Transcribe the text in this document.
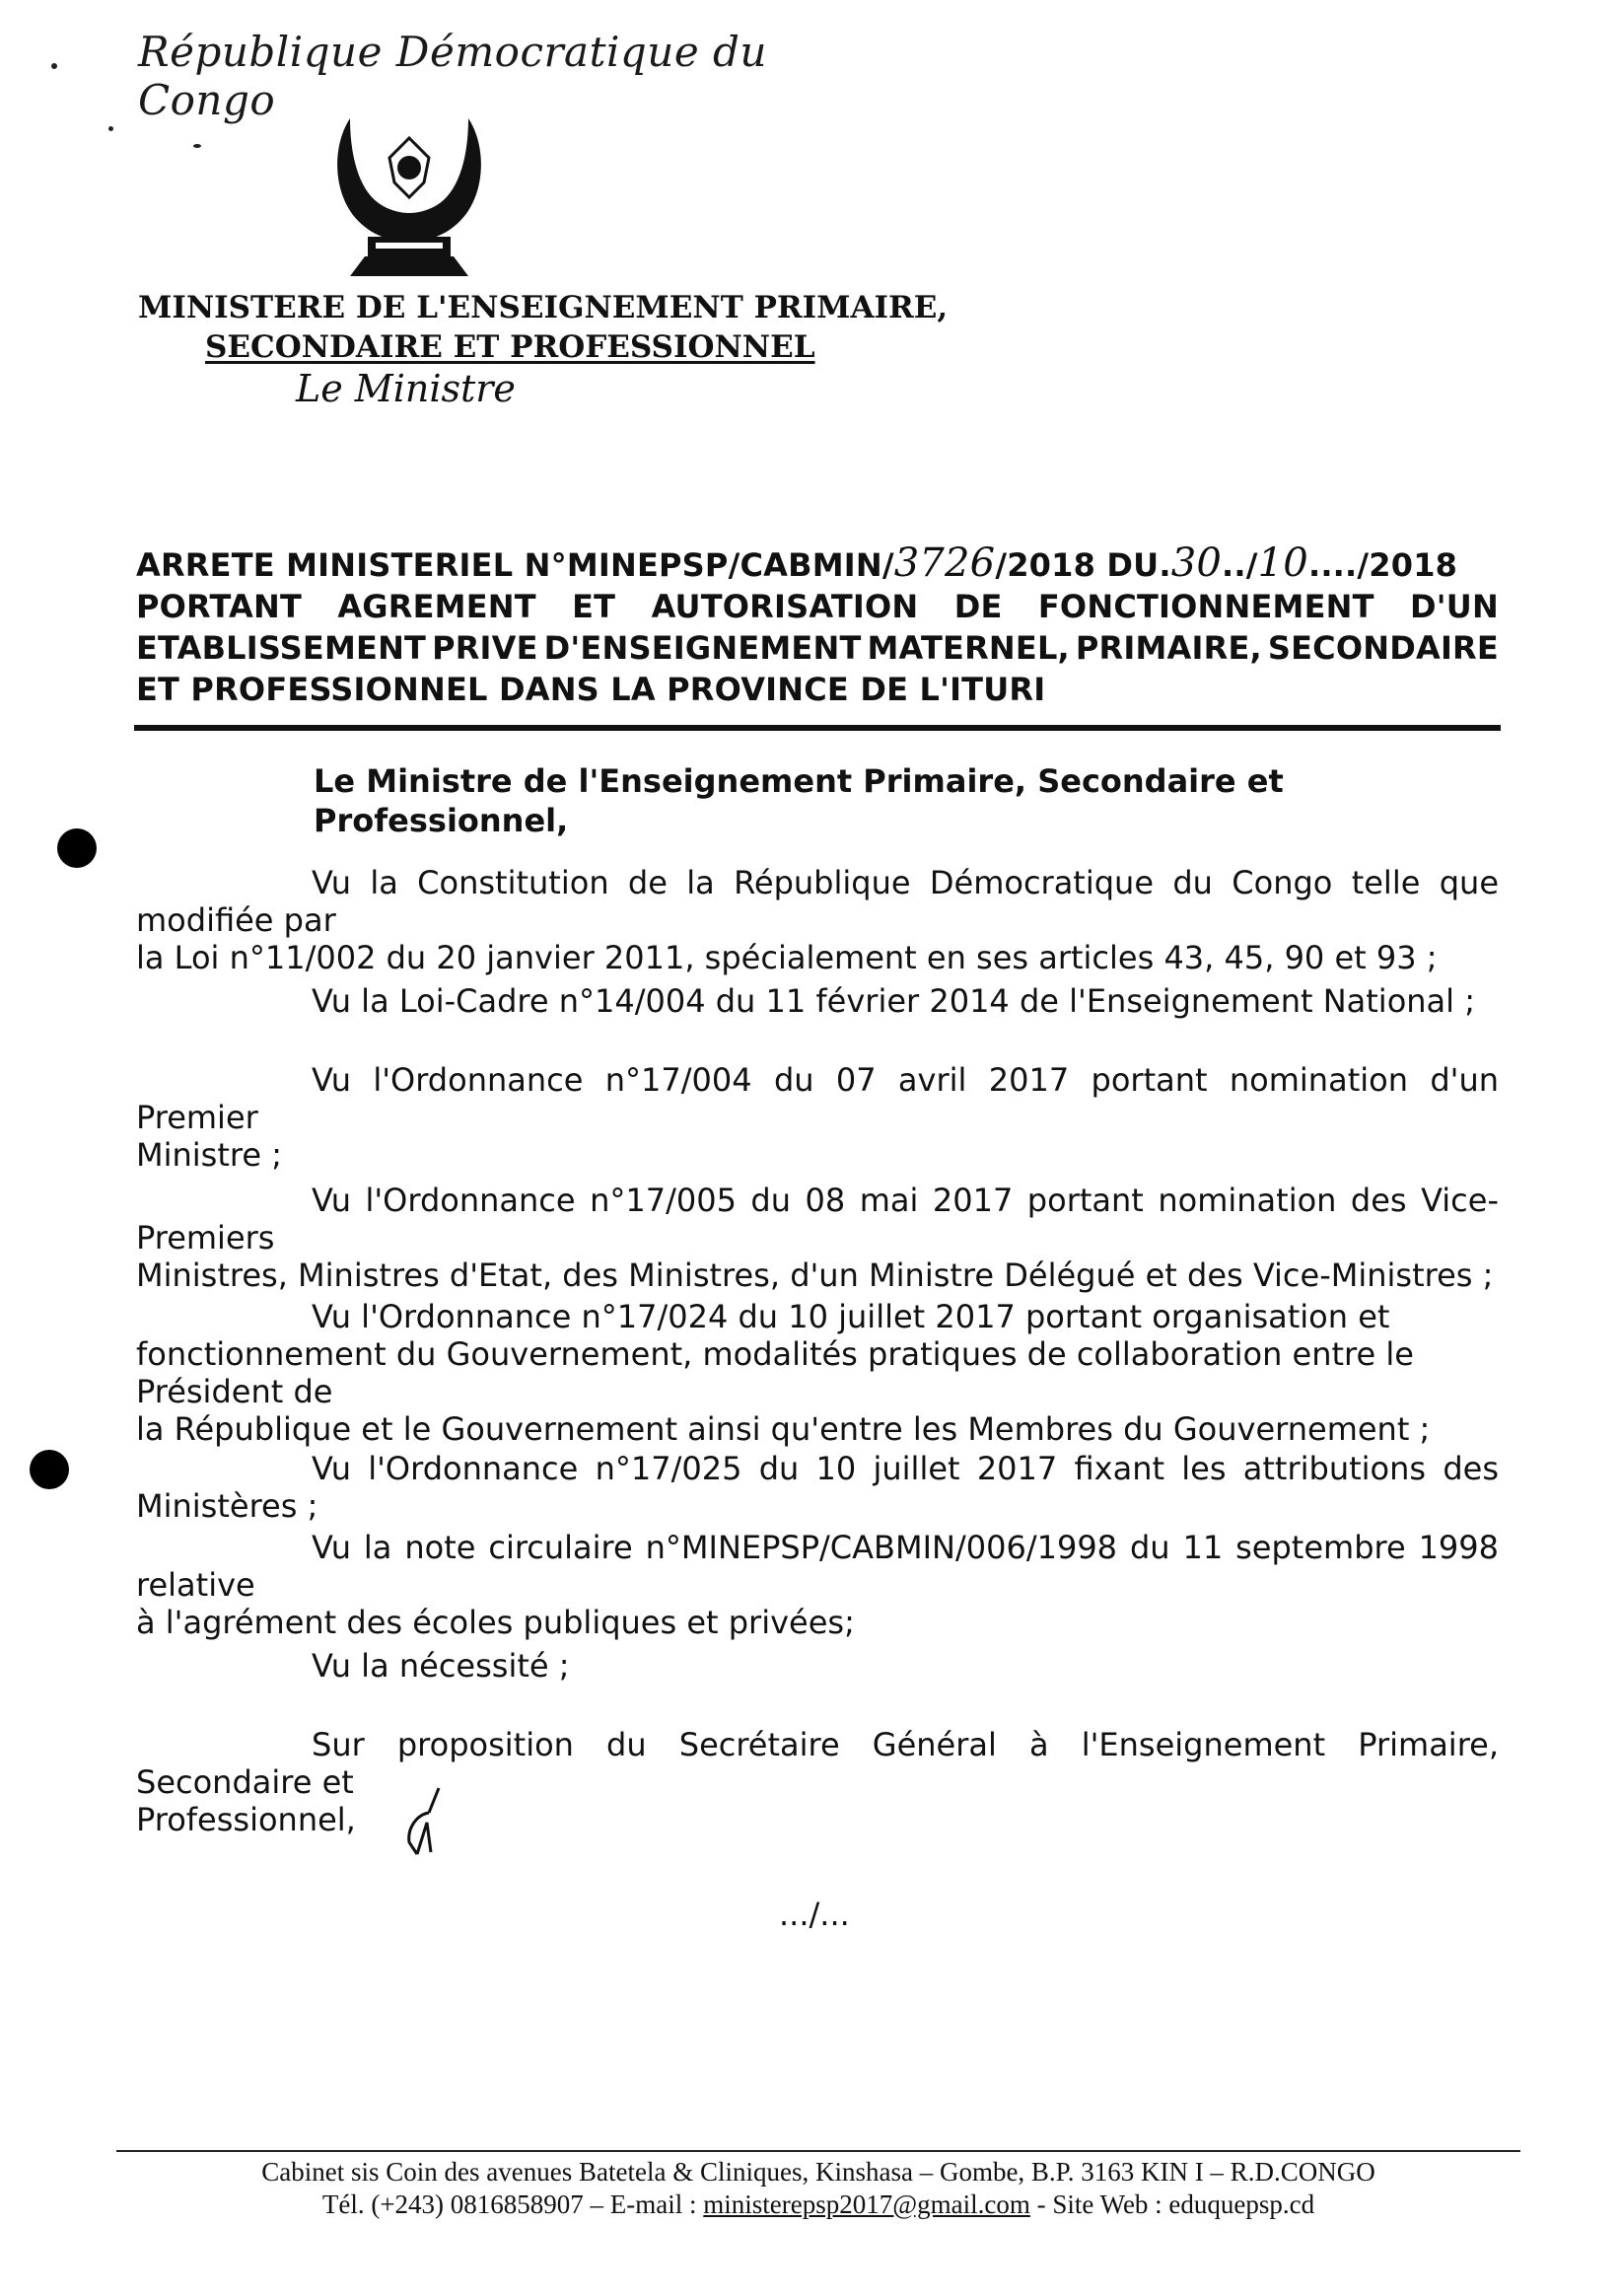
République Démocratique du Congo
MINISTERE DE L'ENSEIGNEMENT PRIMAIRE,
SECONDAIRE ET PROFESSIONNEL
Le Ministre
ARRETE MINISTERIEL N°MINEPSP/CABMIN/3726/2018 DU.30../10..../2018
PORTANT AGREMENT ET AUTORISATION DE FONCTIONNEMENT D'UN
ETABLISSEMENT PRIVE D'ENSEIGNEMENT MATERNEL, PRIMAIRE, SECONDAIRE
ET PROFESSIONNEL DANS LA PROVINCE DE L'ITURI
Le Ministre de l'Enseignement Primaire, Secondaire et Professionnel,

Vu la Constitution de la République Démocratique du Congo telle que modifiée par

la Loi n°11/002 du 20 janvier 2011, spécialement en ses articles 43, 45, 90 et 93 ;

Vu la Loi-Cadre n°14/004 du 11 février 2014 de l'Enseignement National ;

Vu l'Ordonnance n°17/004 du 07 avril 2017 portant nomination d'un Premier

Ministre ;

Vu l'Ordonnance n°17/005 du 08 mai 2017 portant nomination des Vice-Premiers

Ministres, Ministres d'Etat, des Ministres, d'un Ministre Délégué et des Vice-Ministres ;

Vu l'Ordonnance n°17/024 du 10 juillet 2017 portant organisation et

fonctionnement du Gouvernement, modalités pratiques de collaboration entre le Président de

la République et le Gouvernement ainsi qu'entre les Membres du Gouvernement ;

Vu l'Ordonnance n°17/025 du 10 juillet 2017 fixant les attributions des Ministères ;

Vu la note circulaire n°MINEPSP/CABMIN/006/1998 du 11 septembre 1998 relative

à l'agrément des écoles publiques et privées;

Vu la nécessité ;

Sur proposition du Secrétaire Général à l'Enseignement Primaire, Secondaire et

Professionnel,

.../...
Cabinet sis Coin des avenues Batetela & Cliniques, Kinshasa – Gombe, B.P. 3163 KIN I – R.D.CONGO
Tél. (+243) 0816858907 – E-mail : ministerepsp2017@gmail.com - Site Web : eduquepsp.cd
